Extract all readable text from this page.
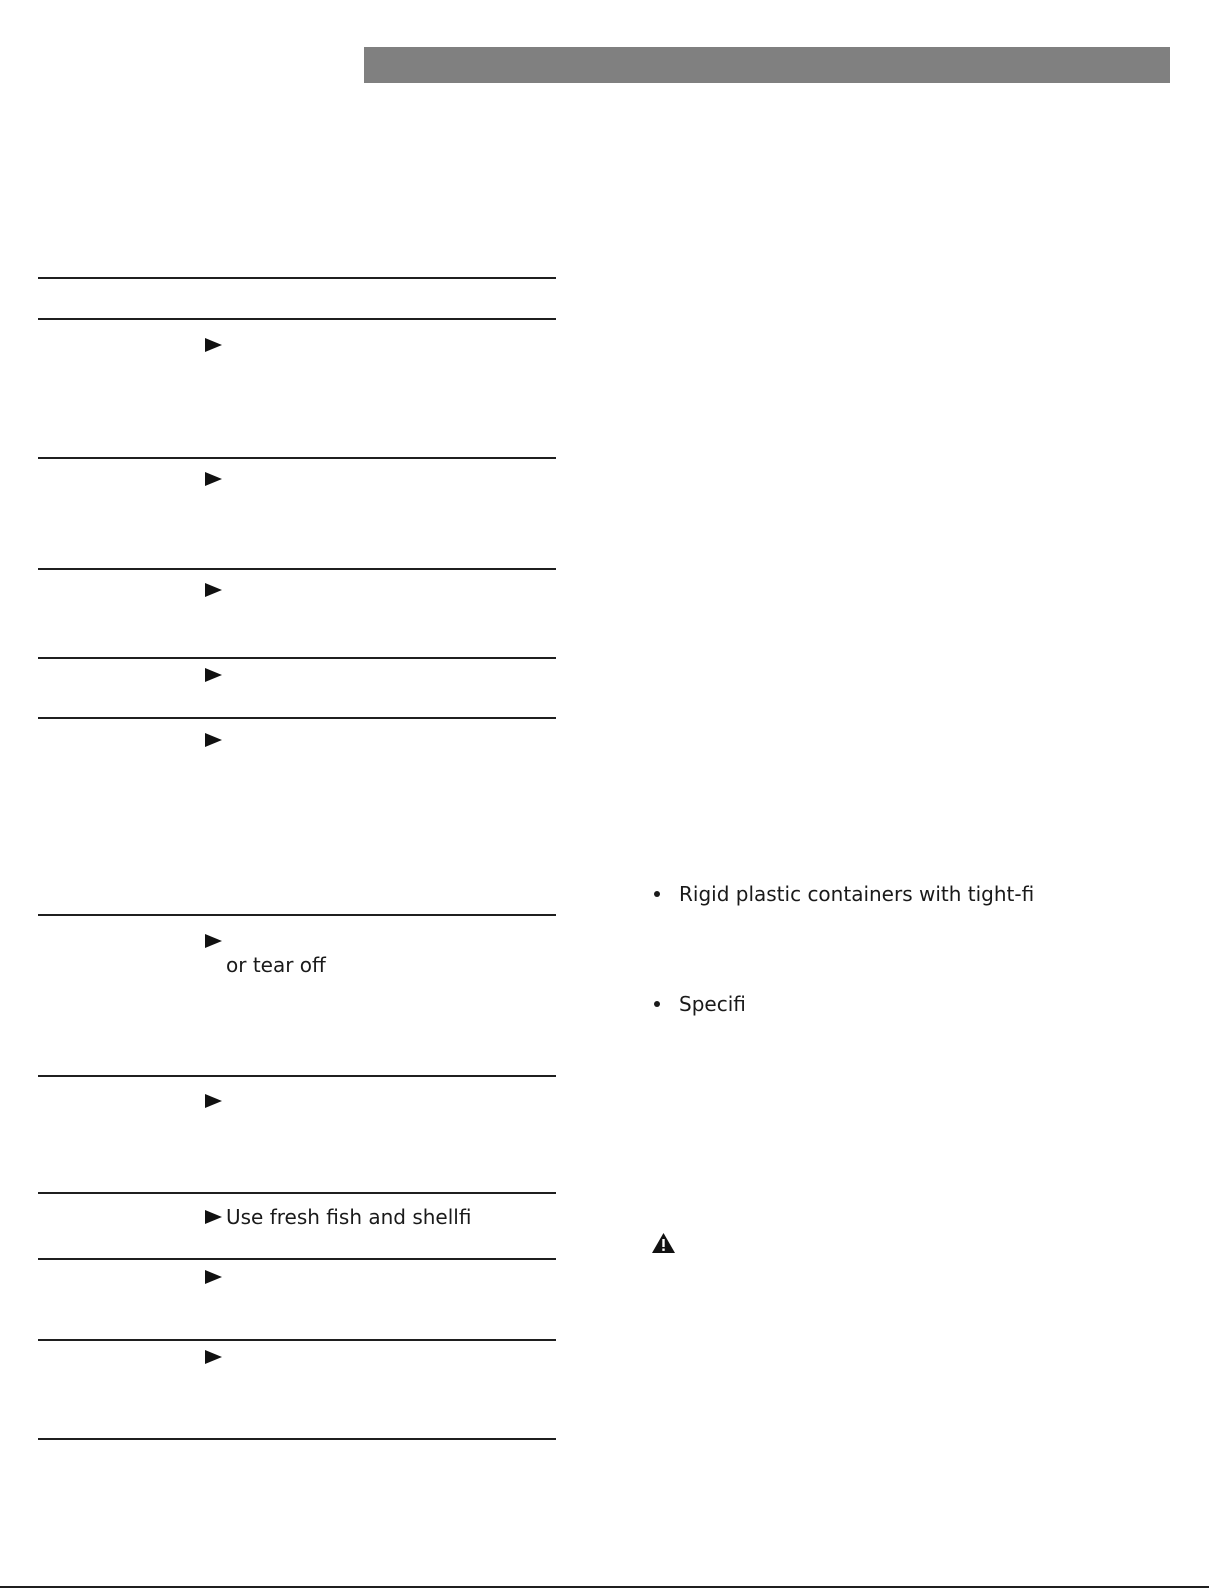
or tear off
Use fresh fish and shellfi
Rigid plastic containers with tight-fi
Specifi
